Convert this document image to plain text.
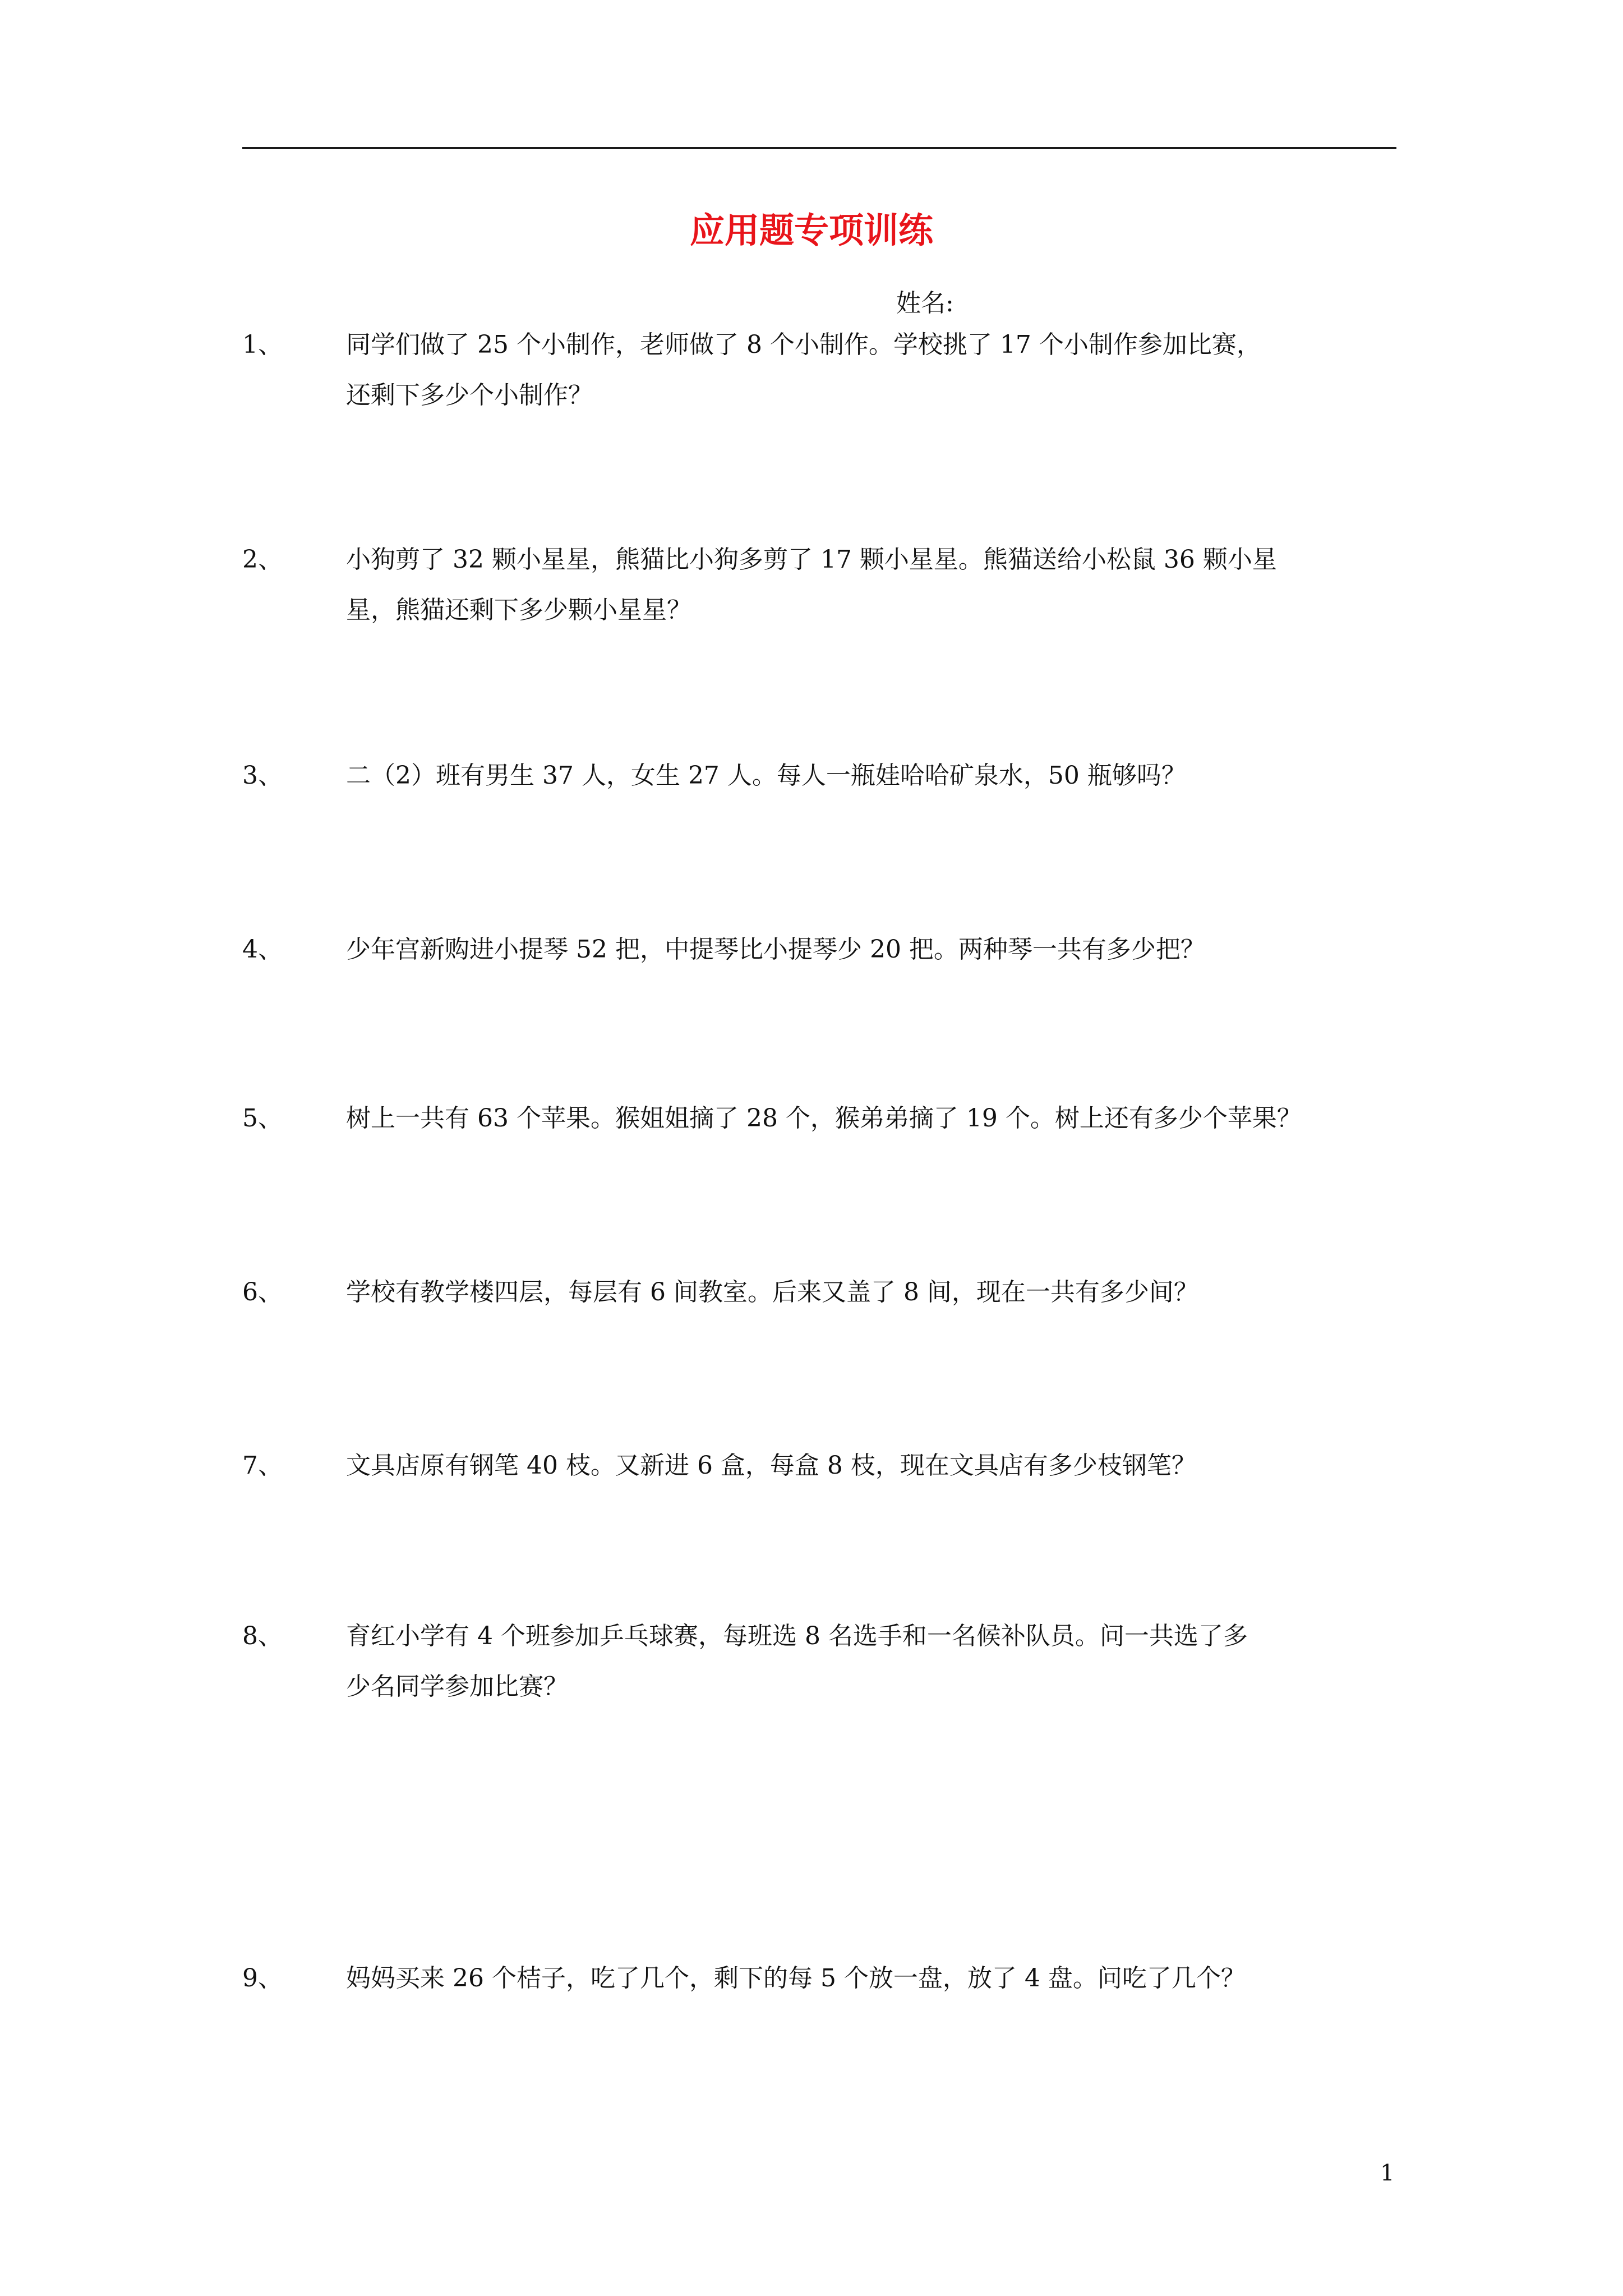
应用题专项训练
姓名:
1、	同学们做了 25 个小制作，老师做了 8 个小制作。学校挑了 17 个小制作参加比赛，
还剩下多少个小制作？
2、	小狗剪了 32 颗小星星，熊猫比小狗多剪了 17 颗小星星。熊猫送给小松鼠 36 颗小星
星，熊猫还剩下多少颗小星星？
3、	二（2）班有男生 37 人，女生 27 人。每人一瓶娃哈哈矿泉水，50 瓶够吗？
4、	少年宫新购进小提琴 52 把，中提琴比小提琴少 20 把。两种琴一共有多少把？
5、	树上一共有 63 个苹果。猴姐姐摘了 28 个，猴弟弟摘了 19 个。树上还有多少个苹果？
6、	学校有教学楼四层，每层有 6 间教室。后来又盖了 8 间，现在一共有多少间？
7、	文具店原有钢笔 40 枝。又新进 6 盒，每盒 8 枝，现在文具店有多少枝钢笔？
8、	育红小学有 4 个班参加乒乓球赛，每班选 8 名选手和一名候补队员。问一共选了多
少名同学参加比赛？
9、	妈妈买来 26 个桔子，吃了几个，剩下的每 5 个放一盘，放了 4 盘。问吃了几个？
1
